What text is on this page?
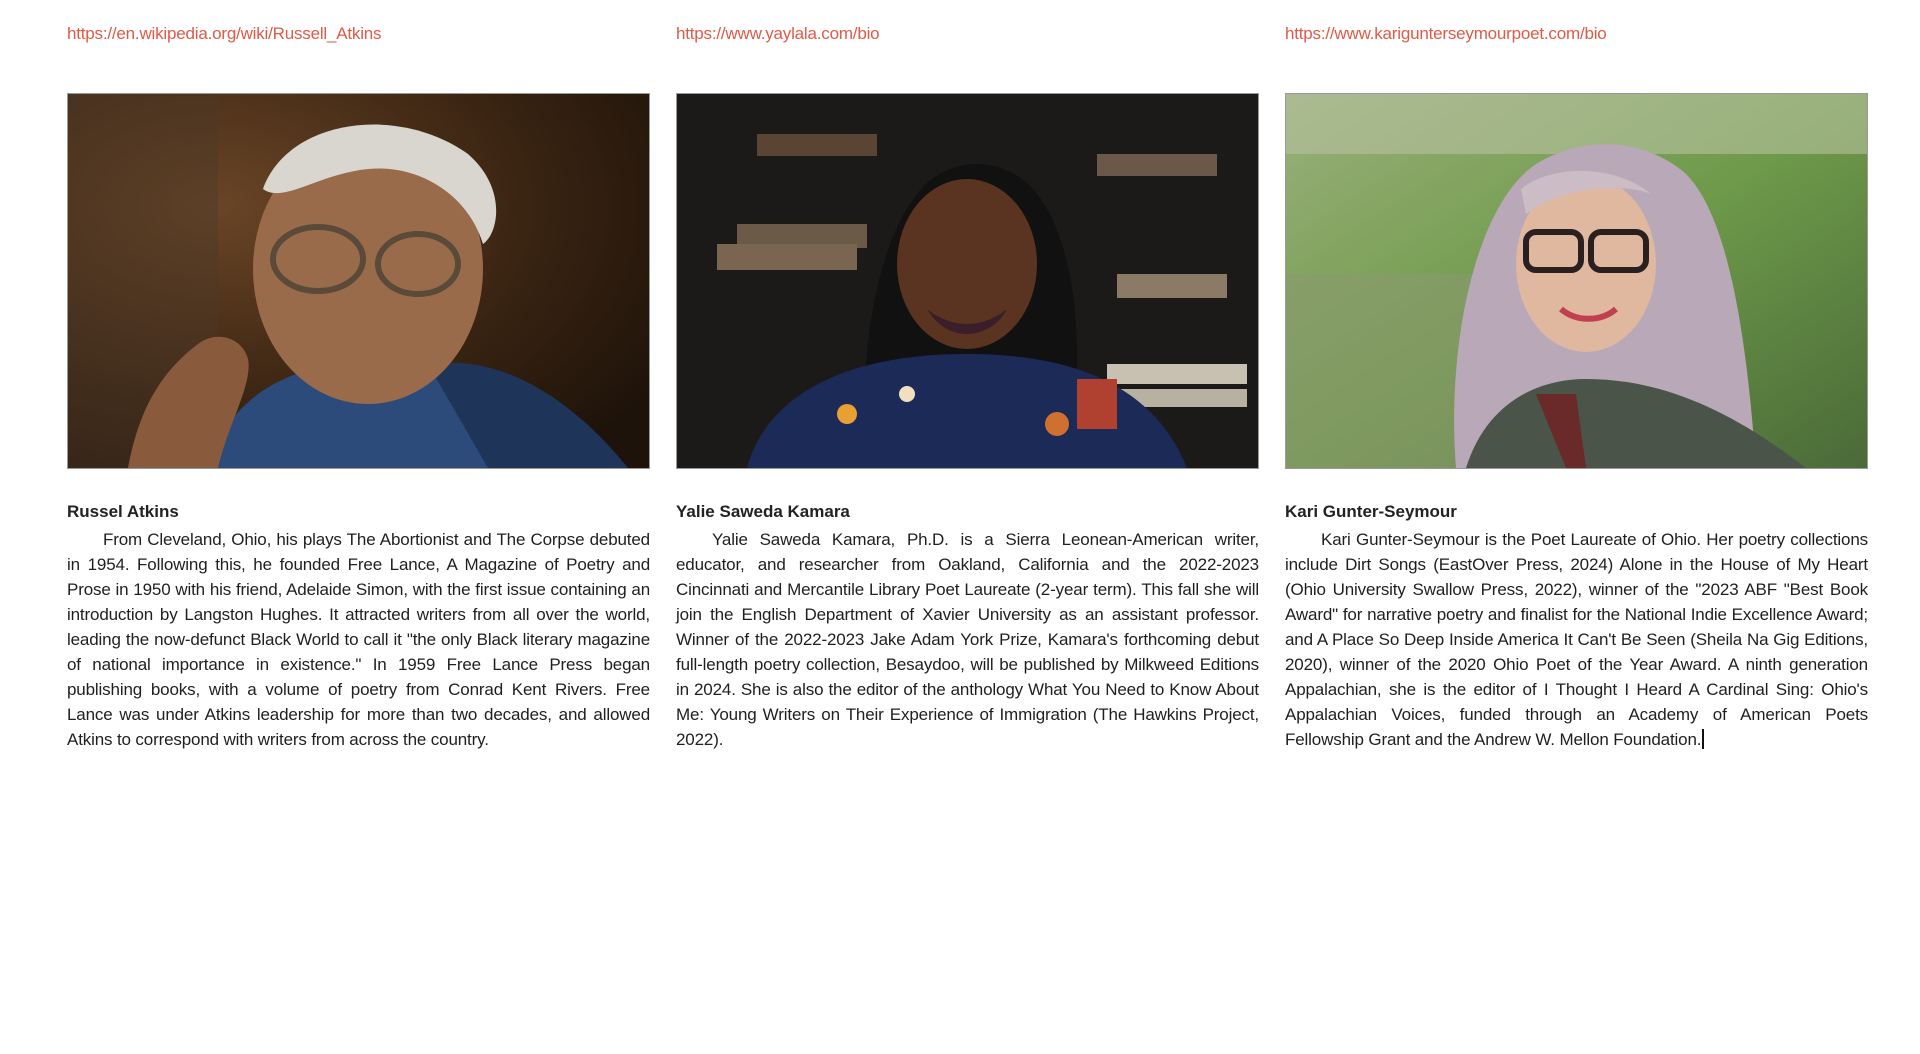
https://en.wikipedia.org/wiki/Russell_Atkins
Russel Atkins

From Cleveland, Ohio, his plays The Abortionist and The Corpse debuted in 1954. Following this, he founded Free Lance, A Magazine of Poetry and Prose in 1950 with his friend, Adelaide Simon, with the first issue containing an introduction by Langston Hughes. It attracted writers from all over the world, leading the now-defunct Black World to call it "the only Black literary magazine of national importance in existence." In 1959 Free Lance Press began publishing books, with a volume of poetry from Conrad Kent Rivers. Free Lance was under Atkins leadership for more than two decades, and allowed Atkins to correspond with writers from across the country.

https://www.yaylala.com/bio
Yalie Saweda Kamara

Yalie Saweda Kamara, Ph.D. is a Sierra Leonean-American writer, educator, and researcher from Oakland, California and the 2022-2023 Cincinnati and Mercantile Library Poet Laureate (2-year term). This fall she will join the English Department of Xavier University as an assistant professor. Winner of the 2022-2023 Jake Adam York Prize, Kamara's forthcoming debut full-length poetry collection, Besaydoo, will be published by Milkweed Editions in 2024. She is also the editor of the anthology What You Need to Know About Me: Young Writers on Their Experience of Immigration (The Hawkins Project, 2022).

https://www.karigunterseymourpoet.com/bio
Kari Gunter-Seymour

Kari Gunter-Seymour is the Poet Laureate of Ohio. Her poetry collections include Dirt Songs (EastOver Press, 2024) Alone in the House of My Heart (Ohio University Swallow Press, 2022), winner of the "2023 ABF "Best Book Award" for narrative poetry and finalist for the National Indie Excellence Award; and A Place So Deep Inside America It Can't Be Seen (Sheila Na Gig Editions, 2020), winner of the 2020 Ohio Poet of the Year Award. A ninth generation Appalachian, she is the editor of I Thought I Heard A Cardinal Sing: Ohio's Appalachian Voices, funded through an Academy of American Poets Fellowship Grant and the Andrew W. Mellon Foundation.
